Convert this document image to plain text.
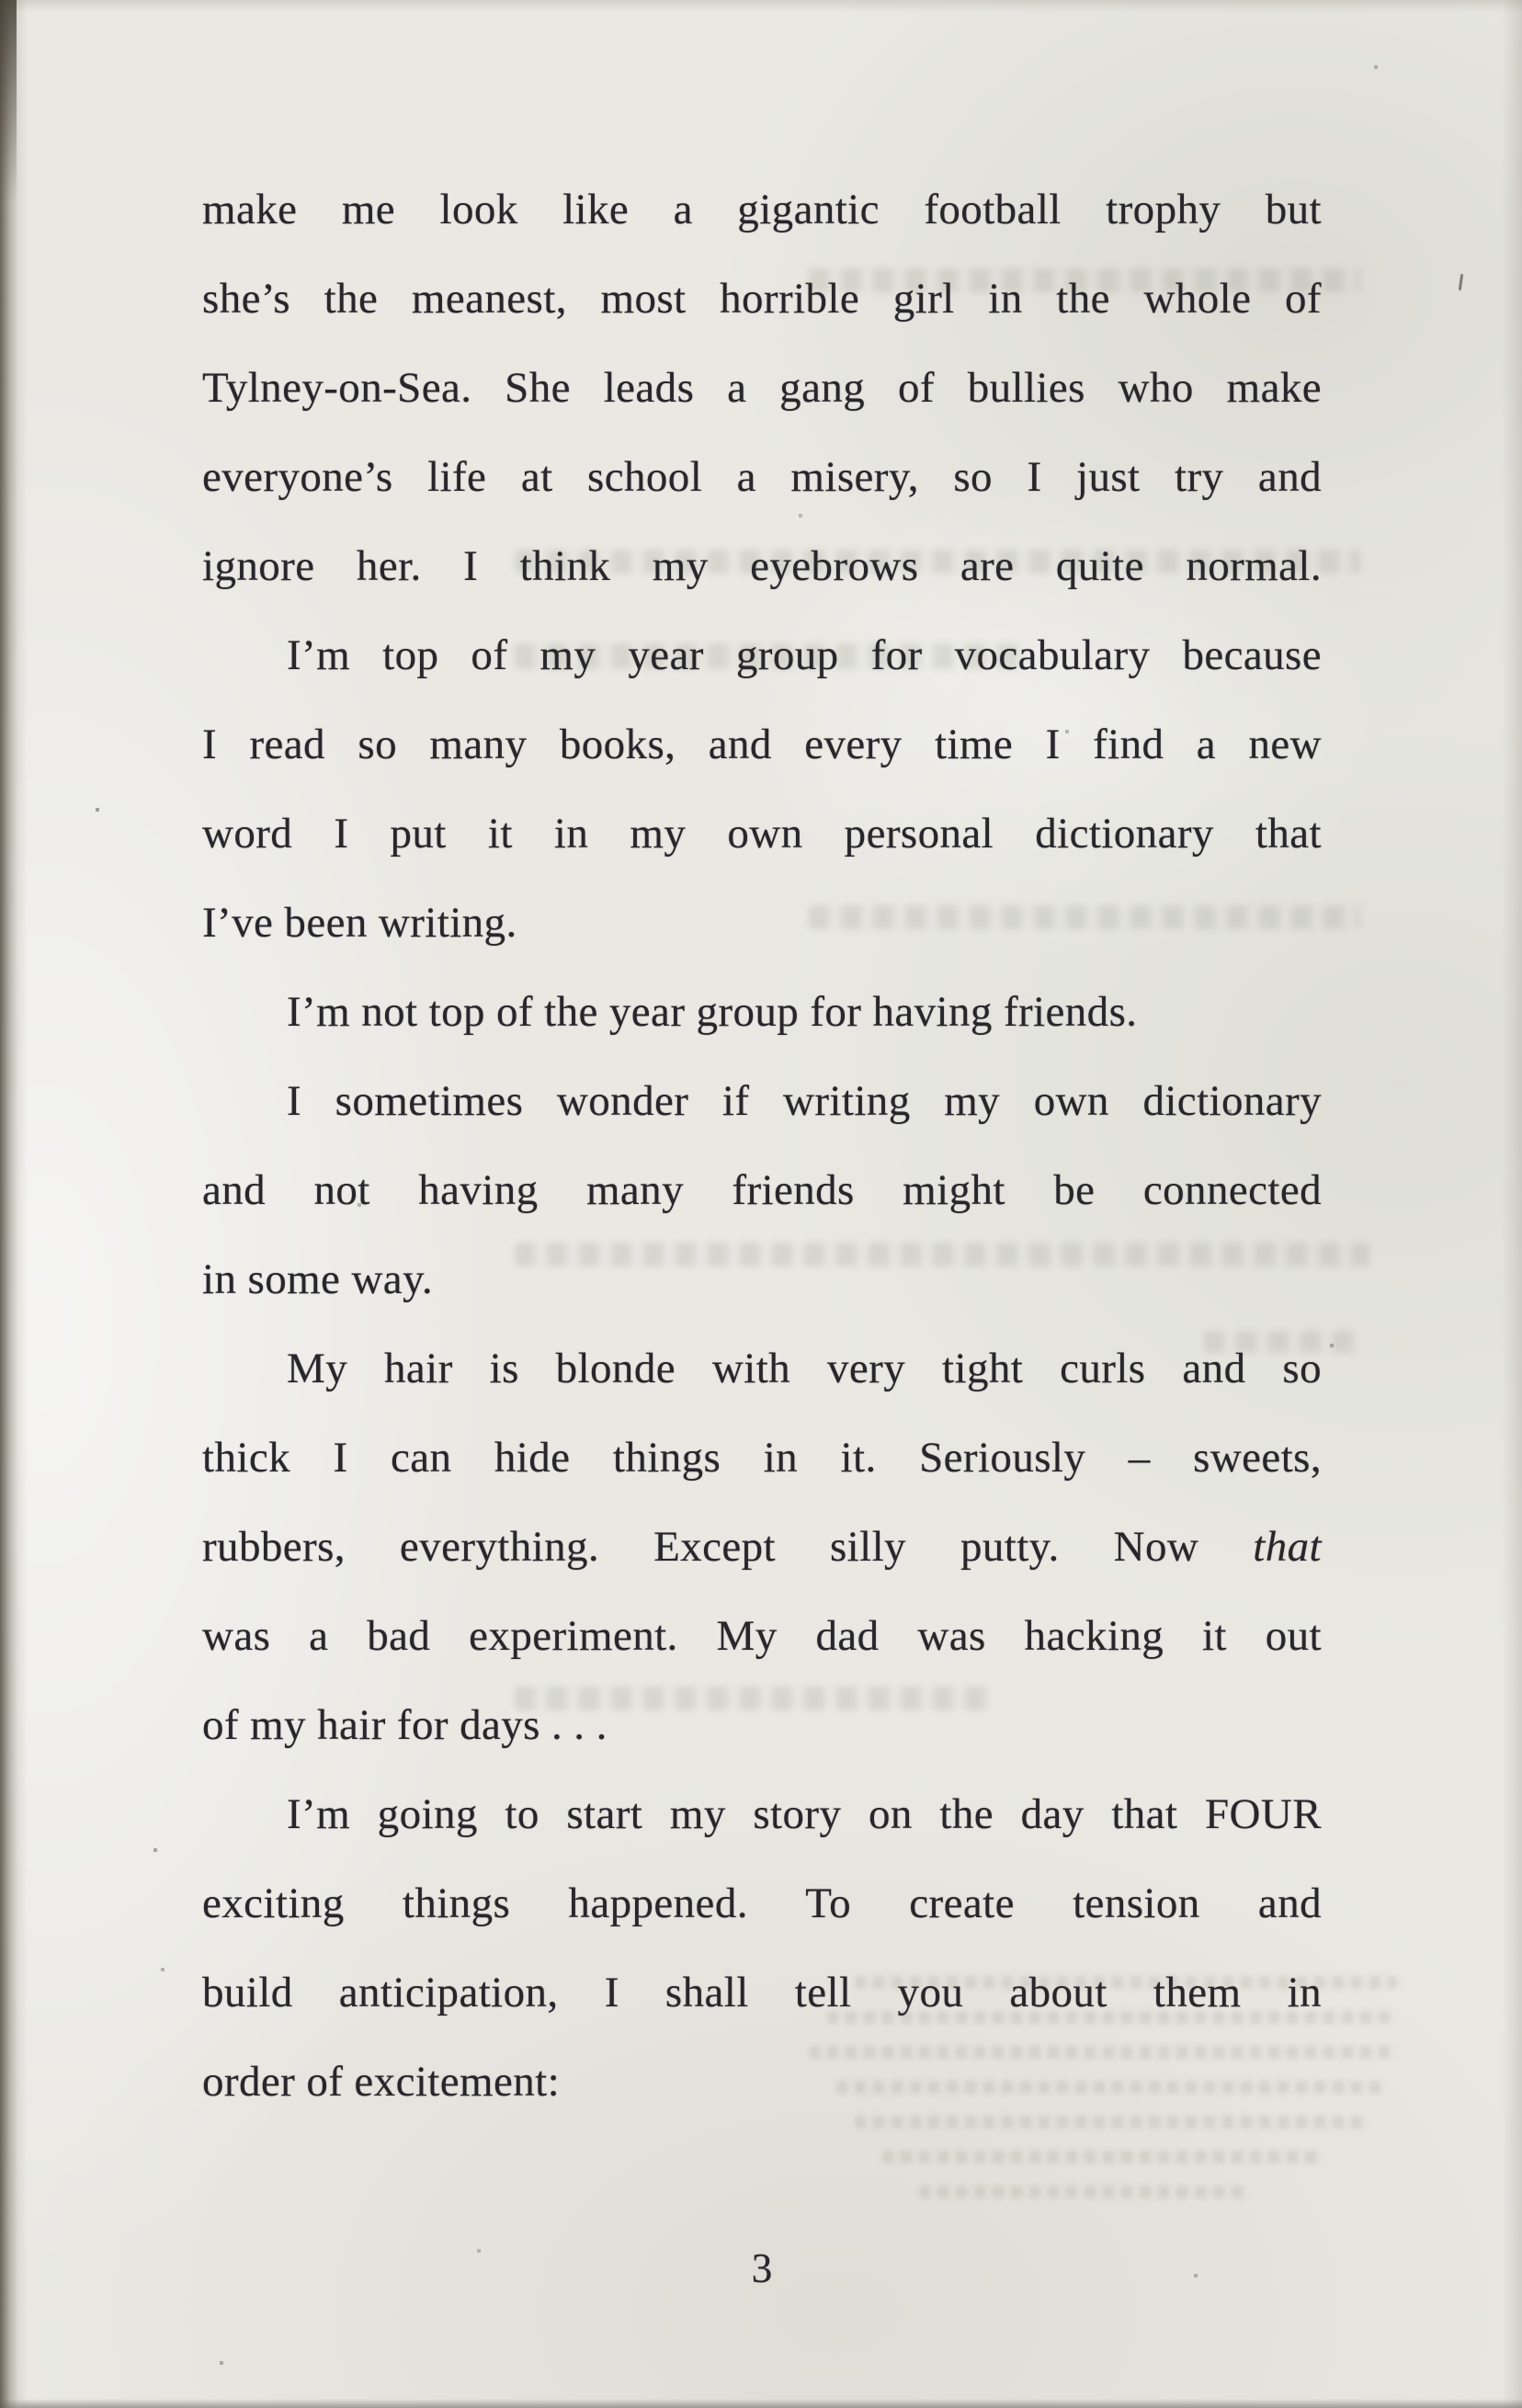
make me look like a gigantic football trophy but
she’s the meanest, most horrible girl in the whole of
Tylney-on-Sea. She leads a gang of bullies who make
everyone’s life at school a misery, so I just try and
ignore her. I think my eyebrows are quite normal.
I’m top of my year group for vocabulary because
I read so many books, and every time I find a new
word I put it in my own personal dictionary that
I’ve been writing.
I’m not top of the year group for having friends.
I sometimes wonder if writing my own dictionary
and not having many friends might be connected
in some way.
My hair is blonde with very tight curls and so
thick I can hide things in it. Seriously – sweets,
rubbers, everything. Except silly putty. Now that
was a bad experiment. My dad was hacking it out
of my hair for days . . .
I’m going to start my story on the day that FOUR
exciting things happened. To create tension and
build anticipation, I shall tell you about them in
order of excitement:
3
